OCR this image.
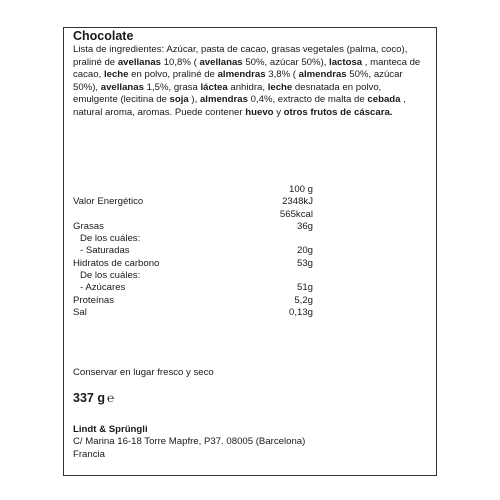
Chocolate
Lista de ingredientes: Azúcar, pasta de cacao, grasas vegetales (palma, coco), praliné de avellanas 10,8% ( avellanas 50%, azúcar 50%), lactosa , manteca de cacao, leche en polvo, praliné de almendras 3,8% ( almendras 50%, azúcar 50%), avellanas 1,5%, grasa láctea anhidra, leche desnatada en polvo, emulgente (lecitina de soja ), almendras 0,4%, extracto de malta de cebada , natural aroma, aromas. Puede contener huevo y otros frutos de cáscara.
100 g
Valor Energético	2348kJ
565kcal
Grasas	36g
De los cuáles:
- Saturadas	20g
Hidratos de carbono	53g
De los cuáles:
- Azúcares	51g
Proteínas	5,2g
Sal	0,13g
Conservar en lugar fresco y seco
337 g ℮
Lindt & Sprüngli
C/ Marina 16-18 Torre Mapfre, P37. 08005 (Barcelona)
Francia
